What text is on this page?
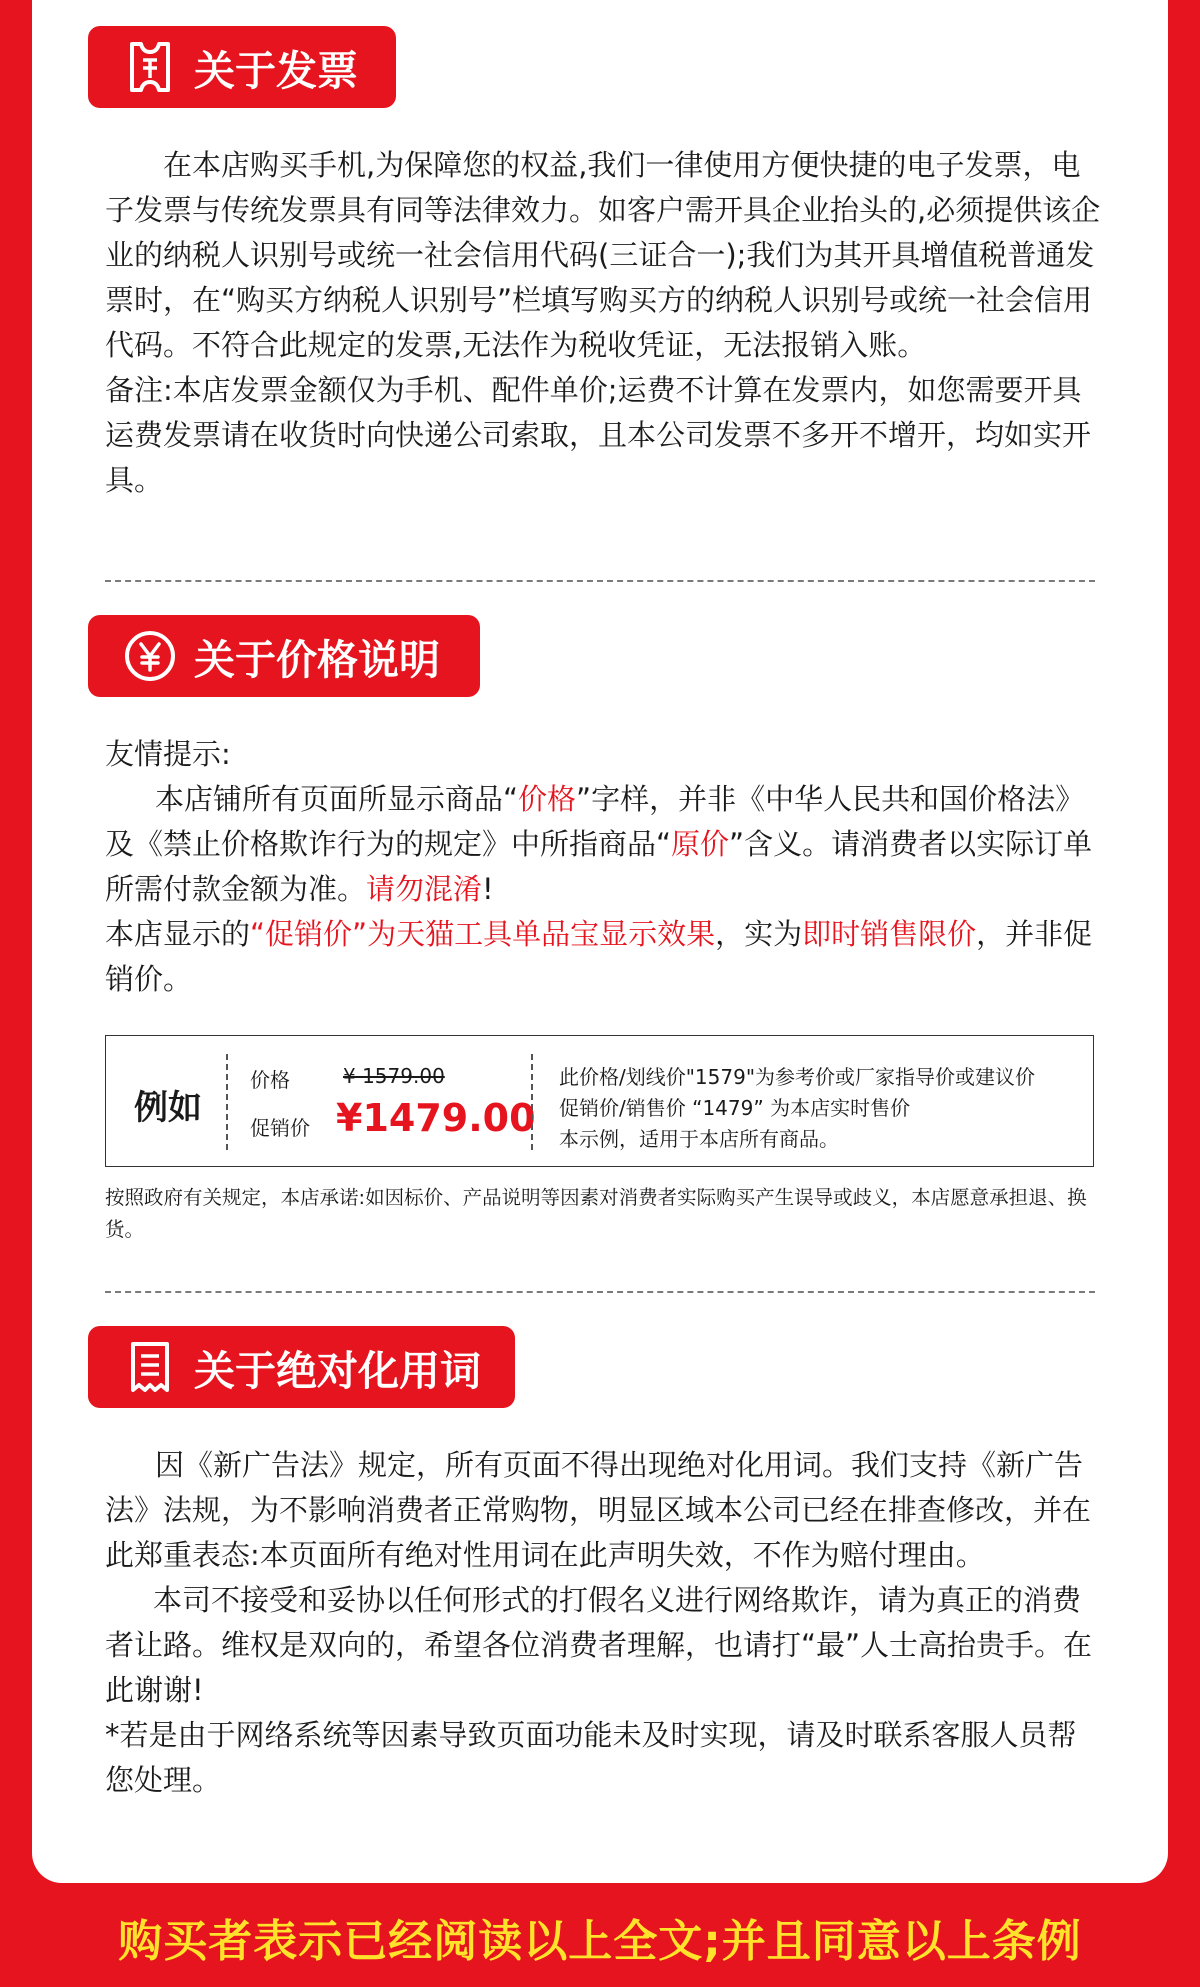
关于发票

在本店购买手机,为保障您的权益,我们一律使用方便快捷的电子发票，电子发票与传统发票具有同等法律效力。如客户需开具企业抬头的,必须提供该企业的纳税人识别号或统一社会信用代码(三证合一);我们为其开具增值税普通发票时，在“购买方纳税人识别号”栏填写购买方的纳税人识别号或统一社会信用代码。不符合此规定的发票,无法作为税收凭证，无法报销入账。

备注:本店发票金额仅为手机、配件单价;运费不计算在发票内，如您需要开具运费发票请在收货时向快递公司索取，且本公司发票不多开不增开，均如实开具。

关于价格说明

友情提示:

本店铺所有页面所显示商品“价格”字样，并非《中华人民共和国价格法》及《禁止价格欺诈行为的规定》中所指商品“原价”含义。请消费者以实际订单所需付款金额为准。请勿混淆!

本店显示的“促销价”为天猫工具单品宝显示效果，实为即时销售限价，并非促销价。

例如
价格	¥ 1579.00
促销价 ¥1479.00
此价格/划线价"1579"为参考价或厂家指导价或建议价
促销价/销售价 “1479” 为本店实时售价
本示例，适用于本店所有商品。
按照政府有关规定，本店承诺:如因标价、产品说明等因素对消费者实际购买产生误导或歧义，本店愿意承担退、换货。
关于绝对化用词

因《新广告法》规定，所有页面不得出现绝对化用词。我们支持《新广告法》法规，为不影响消费者正常购物，明显区域本公司已经在排查修改，并在此郑重表态:本页面所有绝对性用词在此声明失效，不作为赔付理由。

本司不接受和妥协以任何形式的打假名义进行网络欺诈，请为真正的消费者让路。维权是双向的，希望各位消费者理解，也请打“最”人士高抬贵手。在此谢谢!

*若是由于网络系统等因素导致页面功能未及时实现，请及时联系客服人员帮您处理。

购买者表示已经阅读以上全文;并且同意以上条例
